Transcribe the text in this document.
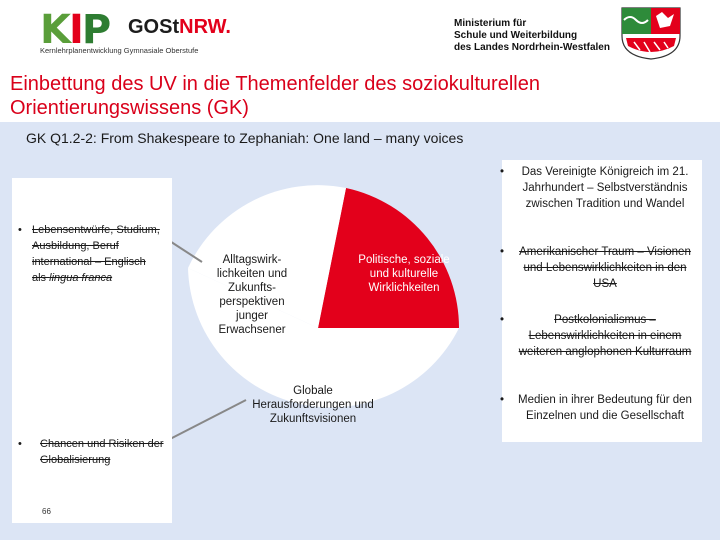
KIP GOStNRW.
Kernlehrplanentwicklung Gymnasiale Oberstufe
Ministerium für
Schule und Weiterbildung
des Landes Nordrhein-Westfalen
Einbettung des UV in die Themenfelder des soziokulturellen Orientierungswissens (GK)
GK Q1.2-2: From Shakespeare to Zephaniah: One land – many voices
• Lebensentwürfe, Studium, Ausbildung, Beruf international – Englisch als lingua franca
• Chancen und Risiken der Globalisierung
66
Alltagswirk-lichkeiten und Zukunfts-perspektiven junger Erwachsener
Politische, soziale und kulturelle Wirklichkeiten
Globale Herausforderungen und Zukunftsvisionen
• Das Vereinigte Königreich im 21. Jahrhundert – Selbstverständnis zwischen Tradition und Wandel
• Amerikanischer Traum – Visionen und Lebenswirklichkeiten in den USA
•	Postkolonialismus – Lebenswirklichkeiten in einem weiteren anglophonen Kulturraum
• Medien in ihrer Bedeutung für den Einzelnen und die Gesellschaft
